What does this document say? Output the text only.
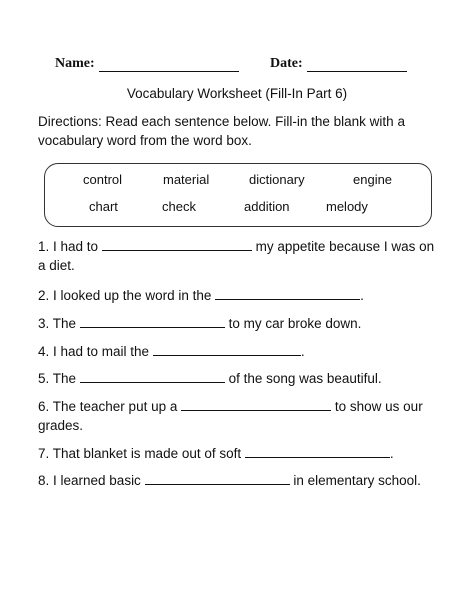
Name:	Date:
Vocabulary Worksheet (Fill-In Part 6)
Directions: Read each sentence below. Fill-in the blank with a vocabulary word from the word box.
control	material	dictionary	engine
chart	check	addition	melody
1. I had to	my appetite because I was on a diet.
2. I looked up the word in the	.
3. The	to my car broke down.
4. I had to mail the	.
5. The	of the song was beautiful.
6. The teacher put up a	to show us our grades.
7. That blanket is made out of soft	.
8. I learned basic	in elementary school.
